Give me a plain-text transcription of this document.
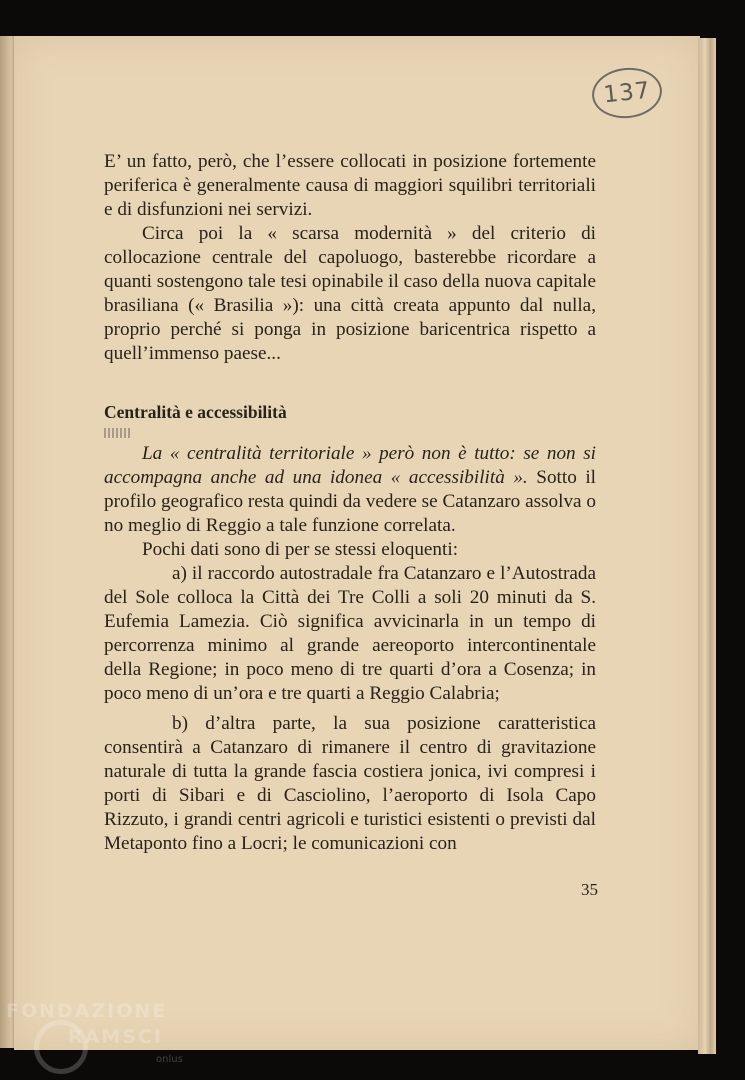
137

E’ un fatto, però, che l’essere collocati in posizione fortemente periferica è generalmente causa di maggiori squilibri territoriali e di disfunzioni nei servizi.

Circa poi la « scarsa modernità » del criterio di collocazione centrale del capoluogo, basterebbe ricordare a quanti sostengono tale tesi opinabile il caso della nuova capitale brasiliana (« Brasilia »): una città creata appunto dal nulla, proprio perché si ponga in posizione baricentrica rispetto a quell’immenso paese...

Centralità e accessibilità

La « centralità territoriale » però non è tutto: se non si accompagna anche ad una idonea « accessibilità ». Sotto il profilo geografico resta quindi da vedere se Catanzaro assolva o no meglio di Reggio a tale funzione correlata.

Pochi dati sono di per se stessi eloquenti:

a) il raccordo autostradale fra Catanzaro e l’Autostrada del Sole colloca la Città dei Tre Colli a soli 20 minuti da S. Eufemia Lamezia. Ciò significa avvicinarla in un tempo di percorrenza minimo al grande aereoporto intercontinentale della Regione; in poco meno di tre quarti d’ora a Cosenza; in poco meno di un’ora e tre quarti a Reggio Calabria;

b) d’altra parte, la sua posizione caratteristica consentirà a Catanzaro di rimanere il centro di gravitazione naturale di tutta la grande fascia costiera jonica, ivi compresi i porti di Sibari e di Casciolino, l’aeroporto di Isola Capo Rizzuto, i grandi centri agricoli e turistici esistenti o previsti dal Metaponto fino a Locri; le comunicazioni con

35
FONDAZIONE
RAMSCI
onlus
